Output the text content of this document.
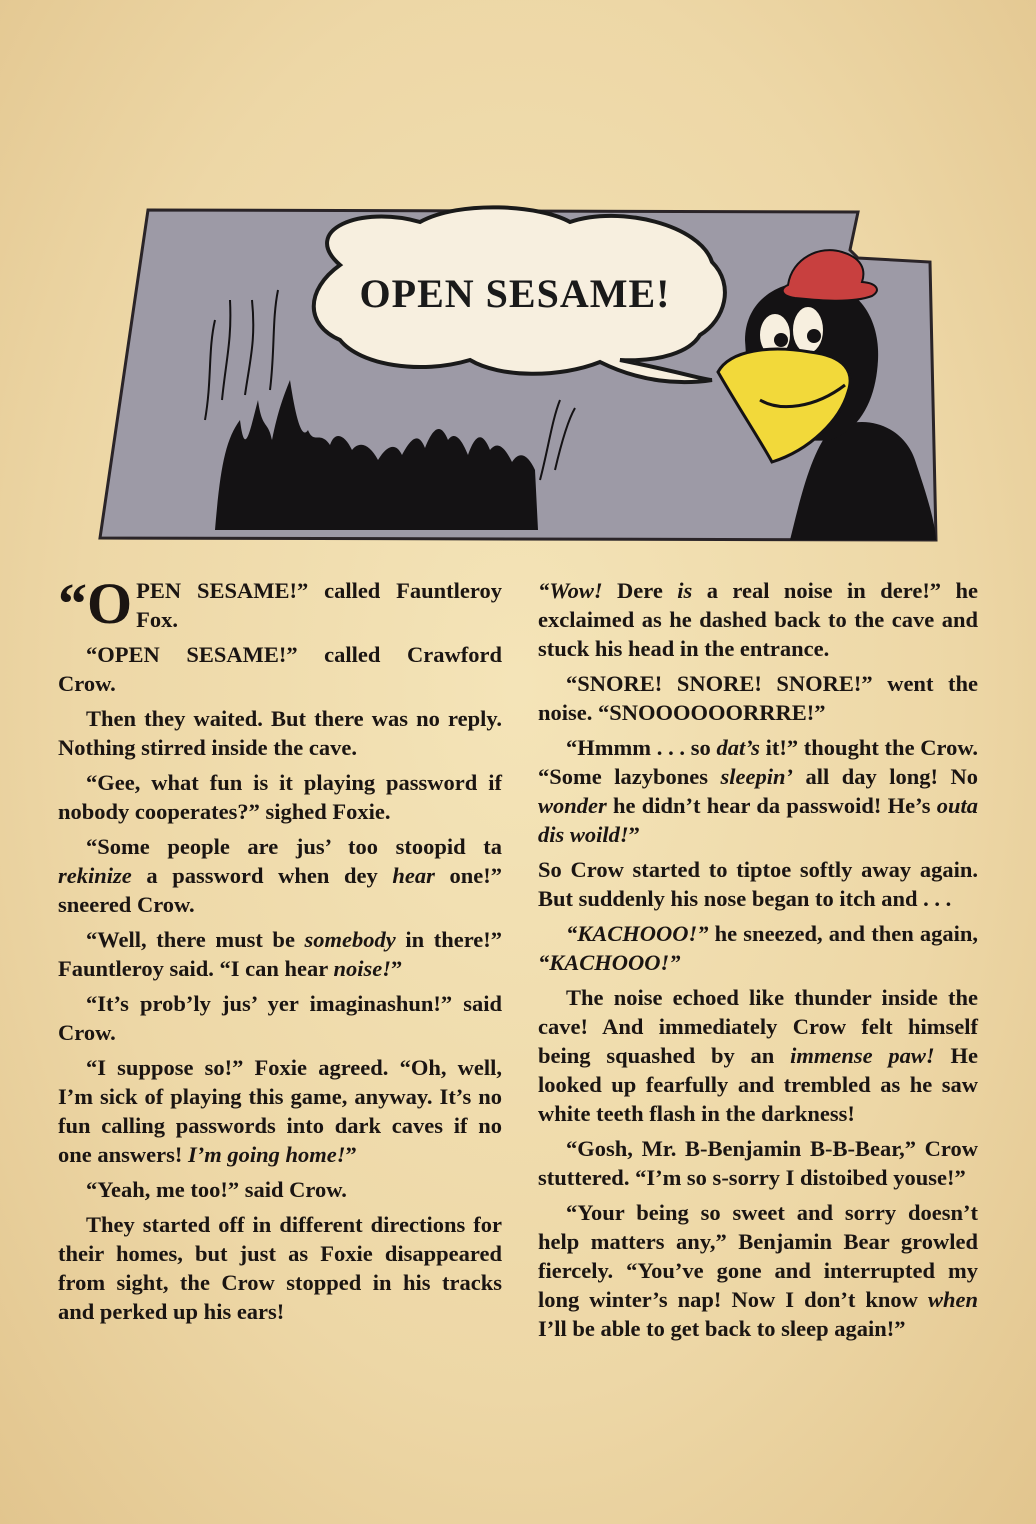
OPEN SESAME!

“OPEN SESAME!” called Fauntleroy Fox.

“OPEN SESAME!” called Crawford Crow.

Then they waited. But there was no reply. Nothing stirred inside the cave.

“Gee, what fun is it playing password if nobody cooperates?” sighed Foxie.

“Some people are jus’ too stoopid ta rekinize a password when dey hear one!” sneered Crow.

“Well, there must be somebody in there!” Fauntleroy said. “I can hear noise!”

“It’s prob’ly jus’ yer imaginashun!” said Crow.

“I suppose so!” Foxie agreed. “Oh, well, I’m sick of playing this game, anyway. It’s no fun calling passwords into dark caves if no one answers! I’m going home!”

“Yeah, me too!” said Crow.

They started off in different directions for their homes, but just as Foxie disappeared from sight, the Crow stopped in his tracks and perked up his ears!

“Wow! Dere is a real noise in dere!” he exclaimed as he dashed back to the cave and stuck his head in the entrance.

“SNORE! SNORE! SNORE!” went the noise. “SNOOOOOORRRE!”

“Hmmm . . . so dat’s it!” thought the Crow. “Some lazybones sleepin’ all day long! No wonder he didn’t hear da passwoid! He’s outa dis woild!”

So Crow started to tiptoe softly away again. But suddenly his nose began to itch and . . .

“KACHOOO!” he sneezed, and then again, “KACHOOO!”

The noise echoed like thunder inside the cave! And immediately Crow felt himself being squashed by an immense paw! He looked up fearfully and trembled as he saw white teeth flash in the darkness!

“Gosh, Mr. B-Benjamin B-B-Bear,” Crow stuttered. “I’m so s-sorry I distoibed youse!”

“Your being so sweet and sorry doesn’t help matters any,” Benjamin Bear growled fiercely. “You’ve gone and interrupted my long winter’s nap! Now I don’t know when I’ll be able to get back to sleep again!”
